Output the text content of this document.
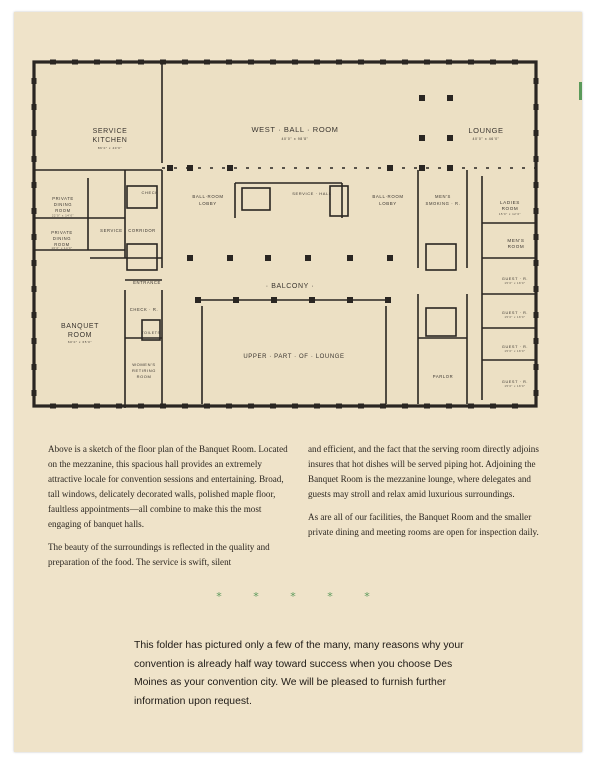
SERVICE
KITCHEN
86'0" x 40'0"
WEST · BALL · ROOM
40'0" x 98'8"
LOUNGE
40'0" x 46'0"
PRIVATE
DINING
ROOM
22'0" x 14'0"
PRIVATE
DINING
ROOM
16'0" x 14'0"
SERVICE · CORRIDOR
CHECK
BALL·ROOM
LOBBY
SERVICE · HALL
BALL·ROOM
LOBBY
MEN'S
SMOKING · R.	LADIES
ROOM
15'0" x 12'0"
MEN'S
ROOM
· BALCONY ·
ENTRANCE
BANQUET
ROOM
60'0" x 65'0"
CHECK · R.
TOILETS
WOMEN'S
RETIRING
ROOM
UPPER · PART · OF · LOUNGE
PARLOR
GUEST · R.
15'0" x 18'0"
GUEST · R.
15'0" x 18'0"
GUEST · R.
15'0" x 18'0"
GUEST · R.
15'0" x 18'0"

Above is a sketch of the floor plan of the Banquet Room. Located on the mezzanine, this spacious hall provides an extremely attractive locale for convention sessions and entertaining. Broad, tall windows, delicately decorated walls, polished maple floor, faultless appointments—all combine to make this the most engaging of banquet halls.

The beauty of the surroundings is reflected in the quality and preparation of the food. The service is swift, silent

and efficient, and the fact that the serving room directly adjoins insures that hot dishes will be served piping hot. Adjoining the Banquet Room is the mezzanine lounge, where delegates and guests may stroll and relax amid luxurious surroundings.

As are all of our facilities, the Banquet Room and the smaller private dining and meeting rooms are open for inspection daily.

* * * * *
This folder has pictured only a few of the many, many reasons why your convention is already half way toward success when you choose Des Moines as your convention city. We will be pleased to furnish further information upon request.
